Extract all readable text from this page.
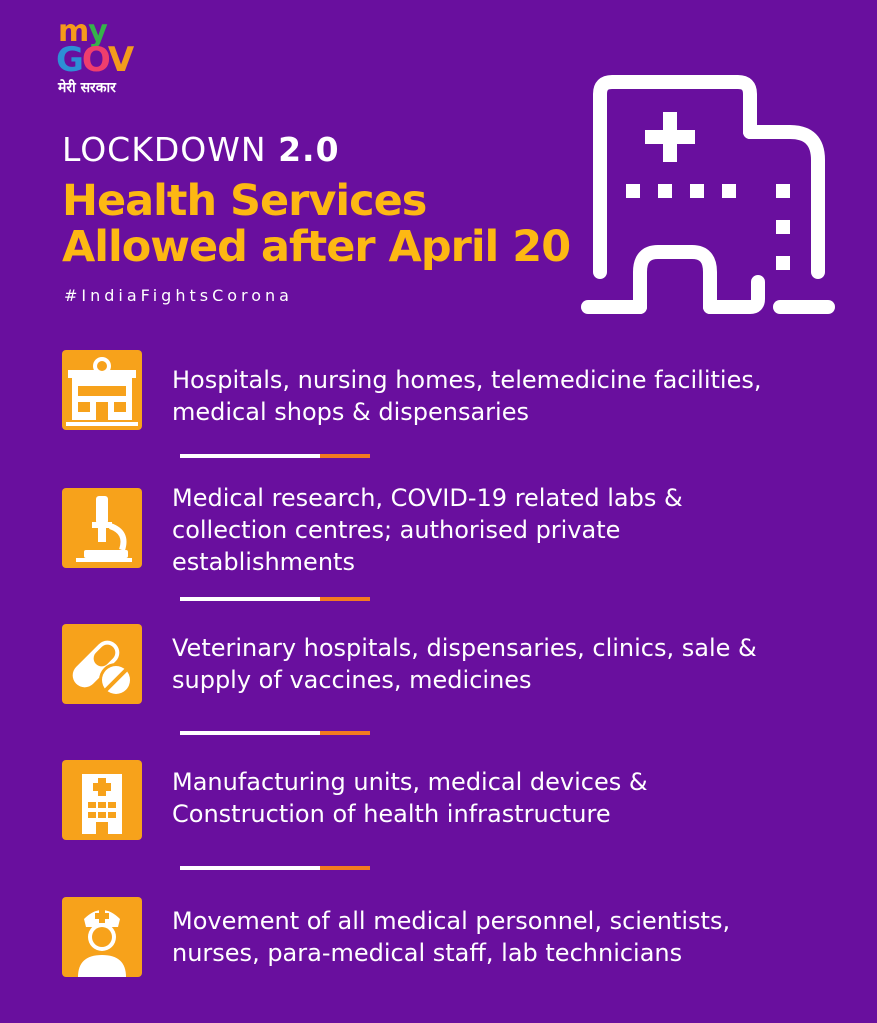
my
GOV
मेरी सरकार
LOCKDOWN 2.0
Health Services
Allowed after April 20
#IndiaFightsCorona
Hospitals, nursing homes, telemedicine facilities,
medical shops & dispensaries
Medical research, COVID-19 related labs &
collection centres; authorised private
establishments
Veterinary hospitals, dispensaries, clinics, sale &
supply of vaccines, medicines
Manufacturing units, medical devices &
Construction of health infrastructure
Movement of all medical personnel, scientists,
nurses, para-medical staff, lab technicians
